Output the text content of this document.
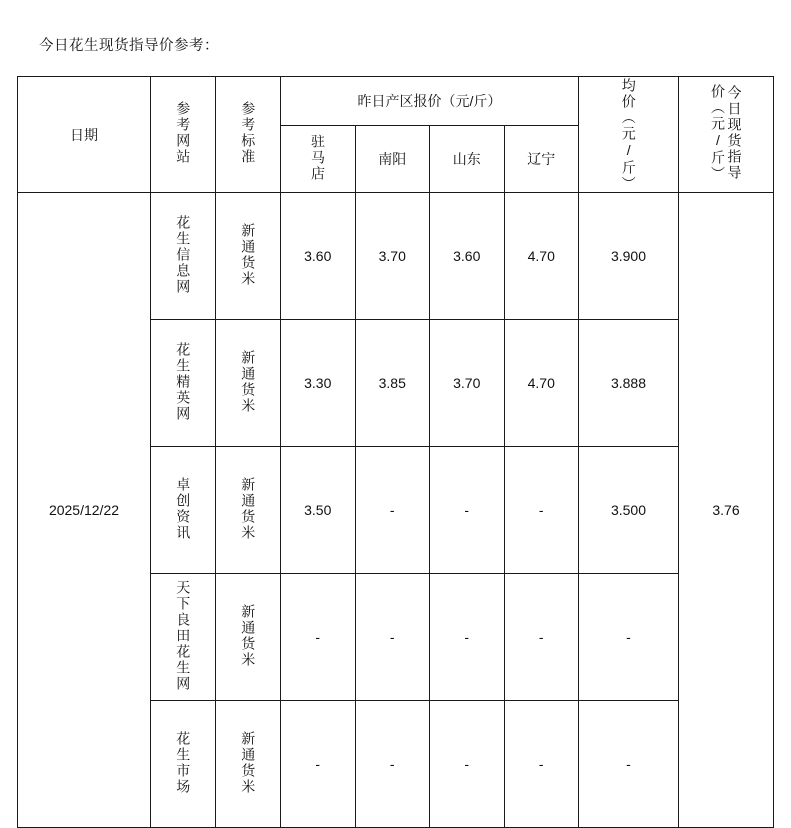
今日花生现货指导价参考：
日期	参考网站	参考标准	昨日产区报价（元/斤）				均价（元/斤）	今日现货指导价（元/斤）
			驻马店	南阳	山东	辽宁		
2025/12/22	花生信息网	新通货米	3.60	3.70	3.60	4.70	3.900	3.76
	花生精英网	新通货米	3.30	3.85	3.70	4.70	3.888	
	卓创资讯	新通货米	3.50	-	-	-	3.500	
	天下良田花生网	新通货米	-	-	-	-	-	
	花生市场	新通货米	-	-	-	-	-	
